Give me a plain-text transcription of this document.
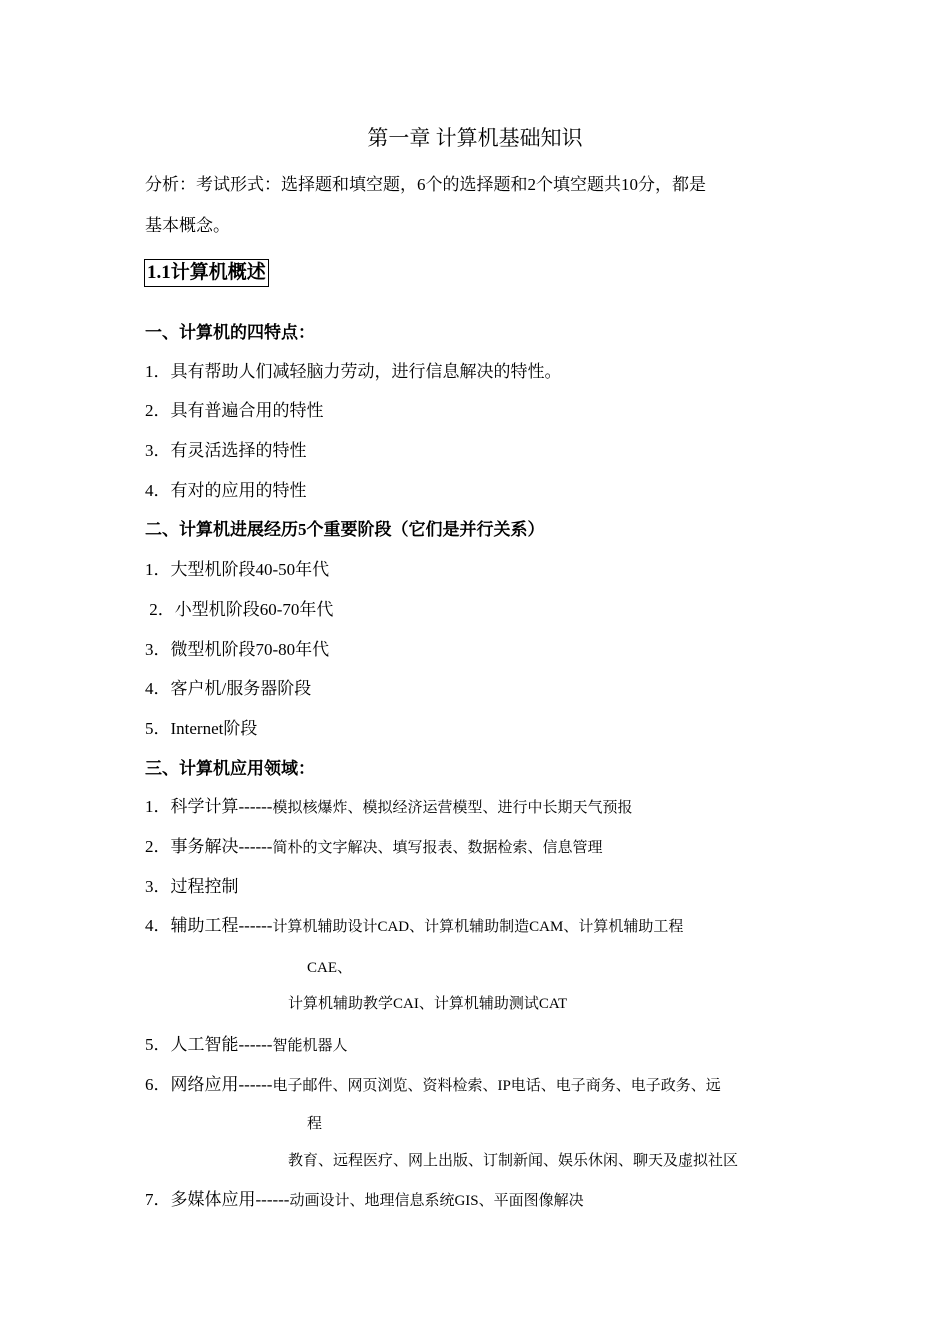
第一章 计算机基础知识
分析：考试形式：选择题和填空题，6个的选择题和2个填空题共10分，都是
基本概念。
1.1计算机概述
一、计算机的四特点：
1．具有帮助人们减轻脑力劳动，进行信息解决的特性。
2．具有普遍合用的特性
3．有灵活选择的特性
4．有对的应用的特性
二、计算机进展经历5个重要阶段（它们是并行关系）
1．大型机阶段40-50年代
2．小型机阶段60-70年代
3．微型机阶段70-80年代
4．客户机/服务器阶段
5．Internet阶段
三、计算机应用领域：
1．科学计算------模拟核爆炸、模拟经济运营模型、进行中长期天气预报
2．事务解决------简朴的文字解决、填写报表、数据检索、信息管理
3．过程控制
4．辅助工程------计算机辅助设计CAD、计算机辅助制造CAM、计算机辅助工程
CAE、
计算机辅助教学CAI、计算机辅助测试CAT
5．人工智能------智能机器人
6．网络应用------电子邮件、网页浏览、资料检索、IP电话、电子商务、电子政务、远
程
教育、远程医疗、网上出版、订制新闻、娱乐休闲、聊天及虚拟社区
7．多媒体应用------动画设计、地理信息系统GIS、平面图像解决
